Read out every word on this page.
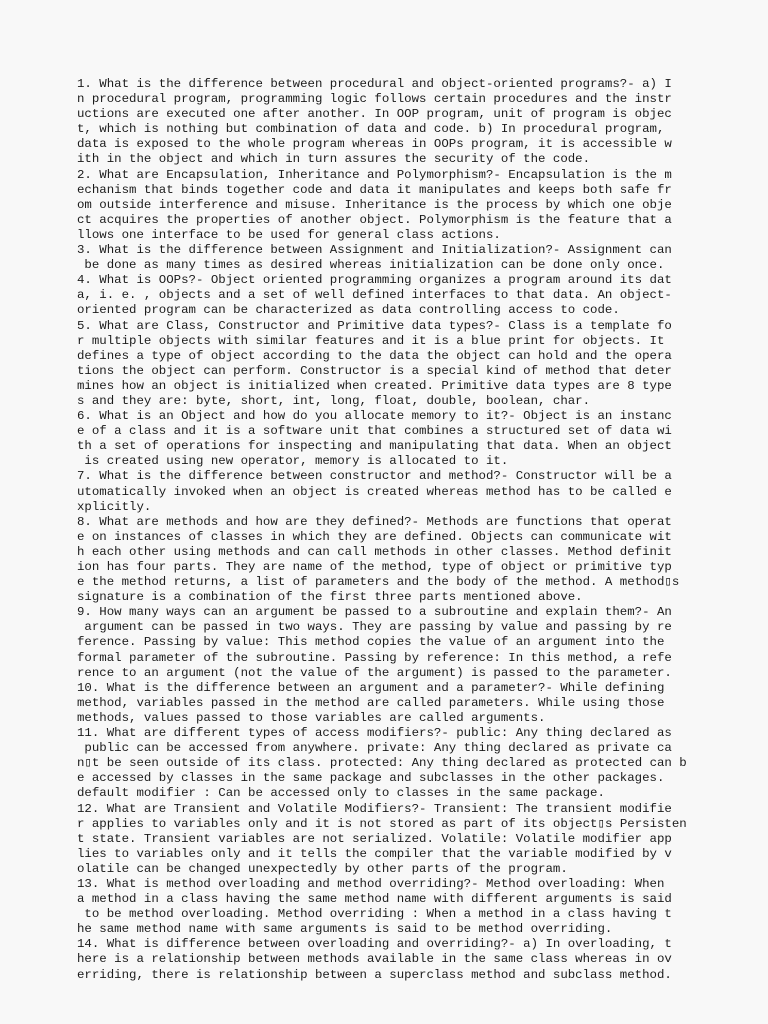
1. What is the difference between procedural and object-oriented programs?- a) I
n procedural program, programming logic follows certain procedures and the instr
uctions are executed one after another. In OOP program, unit of program is objec
t, which is nothing but combination of data and code. b) In procedural program,
data is exposed to the whole program whereas in OOPs program, it is accessible w
ith in the object and which in turn assures the security of the code.
2. What are Encapsulation, Inheritance and Polymorphism?- Encapsulation is the m
echanism that binds together code and data it manipulates and keeps both safe fr
om outside interference and misuse. Inheritance is the process by which one obje
ct acquires the properties of another object. Polymorphism is the feature that a
llows one interface to be used for general class actions.
3. What is the difference between Assignment and Initialization?- Assignment can
be done as many times as desired whereas initialization can be done only once.
4. What is OOPs?- Object oriented programming organizes a program around its dat
a, i. e. , objects and a set of well defined interfaces to that data. An object-
oriented program can be characterized as data controlling access to code.
5. What are Class, Constructor and Primitive data types?- Class is a template fo
r multiple objects with similar features and it is a blue print for objects. It
defines a type of object according to the data the object can hold and the opera
tions the object can perform. Constructor is a special kind of method that deter
mines how an object is initialized when created. Primitive data types are 8 type
s and they are: byte, short, int, long, float, double, boolean, char.
6. What is an Object and how do you allocate memory to it?- Object is an instanc
e of a class and it is a software unit that combines a structured set of data wi
th a set of operations for inspecting and manipulating that data. When an object
is created using new operator, memory is allocated to it.
7. What is the difference between constructor and method?- Constructor will be a
utomatically invoked when an object is created whereas method has to be called e
xplicitly.
8. What are methods and how are they defined?- Methods are functions that operat
e on instances of classes in which they are defined. Objects can communicate wit
h each other using methods and can call methods in other classes. Method definit
ion has four parts. They are name of the method, type of object or primitive typ
e the method returns, a list of parameters and the body of the method. A method▯s
signature is a combination of the first three parts mentioned above.
9. How many ways can an argument be passed to a subroutine and explain them?- An
argument can be passed in two ways. They are passing by value and passing by re
ference. Passing by value: This method copies the value of an argument into the
formal parameter of the subroutine. Passing by reference: In this method, a refe
rence to an argument (not the value of the argument) is passed to the parameter.
10. What is the difference between an argument and a parameter?- While defining
method, variables passed in the method are called parameters. While using those
methods, values passed to those variables are called arguments.
11. What are different types of access modifiers?- public: Any thing declared as
public can be accessed from anywhere. private: Any thing declared as private ca
n▯t be seen outside of its class. protected: Any thing declared as protected can b
e accessed by classes in the same package and subclasses in the other packages.
default modifier : Can be accessed only to classes in the same package.
12. What are Transient and Volatile Modifiers?- Transient: The transient modifie
r applies to variables only and it is not stored as part of its object▯s Persisten
t state. Transient variables are not serialized. Volatile: Volatile modifier app
lies to variables only and it tells the compiler that the variable modified by v
olatile can be changed unexpectedly by other parts of the program.
13. What is method overloading and method overriding?- Method overloading: When
a method in a class having the same method name with different arguments is said
to be method overloading. Method overriding : When a method in a class having t
he same method name with same arguments is said to be method overriding.
14. What is difference between overloading and overriding?- a) In overloading, t
here is a relationship between methods available in the same class whereas in ov
erriding, there is relationship between a superclass method and subclass method.
